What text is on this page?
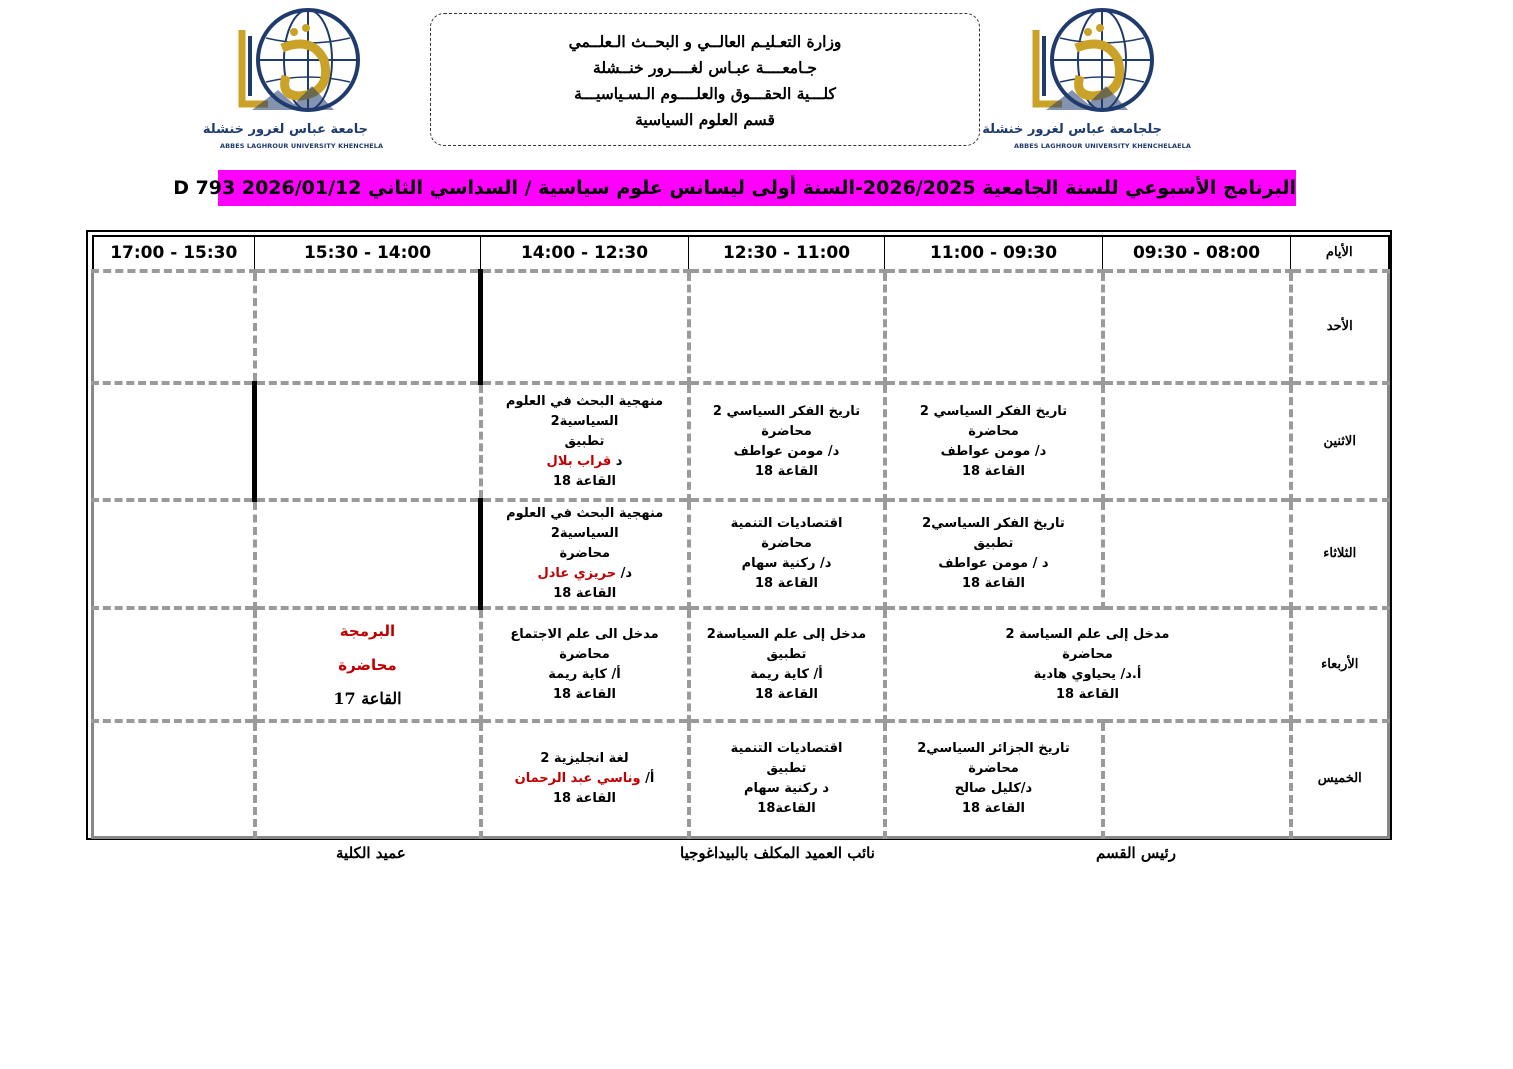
جامعة عباس لغرور خنشلة
ABBES LAGHROUR UNIVERSITY KHENCHELA
جلجامعة عباس لغرور خنشلة
ABBES LAGHROUR UNIVERSITY KHENCHELAELA
وزارة التعـليـم العالــي و البحــث الـعلــمي
جـامعــــة عبـاس لغــــرور خنــشلة
كلـــية الحقـــوق والعلــــوم الـسـياسيـــة
قسم العلوم السياسية
البرنامج الأسبوعي للسنة الجامعية 2026/2025-السنة أولى ليسانس علوم سياسية / السداسي الثاني D 793 2026/01/12
17:00 - 15:30	15:30 - 14:00	14:00 - 12:30	12:30 - 11:00	11:00 - 09:30	09:30 - 08:00	الأيام
						الأحد

		منهجية البحث في العلوم
السياسية2
تطبيق
د قراب بلال
القاعة 18	تاريخ الفكر السياسي 2
محاضرة
د/ مومن عواطف
القاعة 18	تاريخ الفكر السياسي 2
محاضرة
د/ مومن عواطف
القاعة 18		الاثنين

		منهجية البحث في العلوم
السياسية2
محاضرة
د/ حريزي عادل
القاعة 18	اقتصاديات التنمية
محاضرة
د/ ركنية سهام
القاعة 18	تاريخ الفكر السياسي2
تطبيق
د / مومن عواطف
القاعة 18		الثلاثاء

	البرمجة
محاضرة
القاعة 17	مدخل الى علم الاجتماع
محاضرة
أ/ كاية ريمة
القاعة 18	مدخل إلى علم السياسة2
تطبيق
أ/ كاية ريمة
القاعة 18	مدخل إلى علم السياسة 2
محاضرة
أ.د/ يحياوي هادية
القاعة 18		الأربعاء

		لغة انجليزية 2
أ/ وناسي عبد الرحمان
القاعة 18	اقتصاديات التنمية
تطبيق
د ركنية سهام
القاعة18	تاريخ الجزائر السياسي2
محاضرة
د/كليل صالح
القاعة 18		الخميس
عميد الكلية	نائب العميد المكلف بالبيداغوجيا	رئيس القسم
